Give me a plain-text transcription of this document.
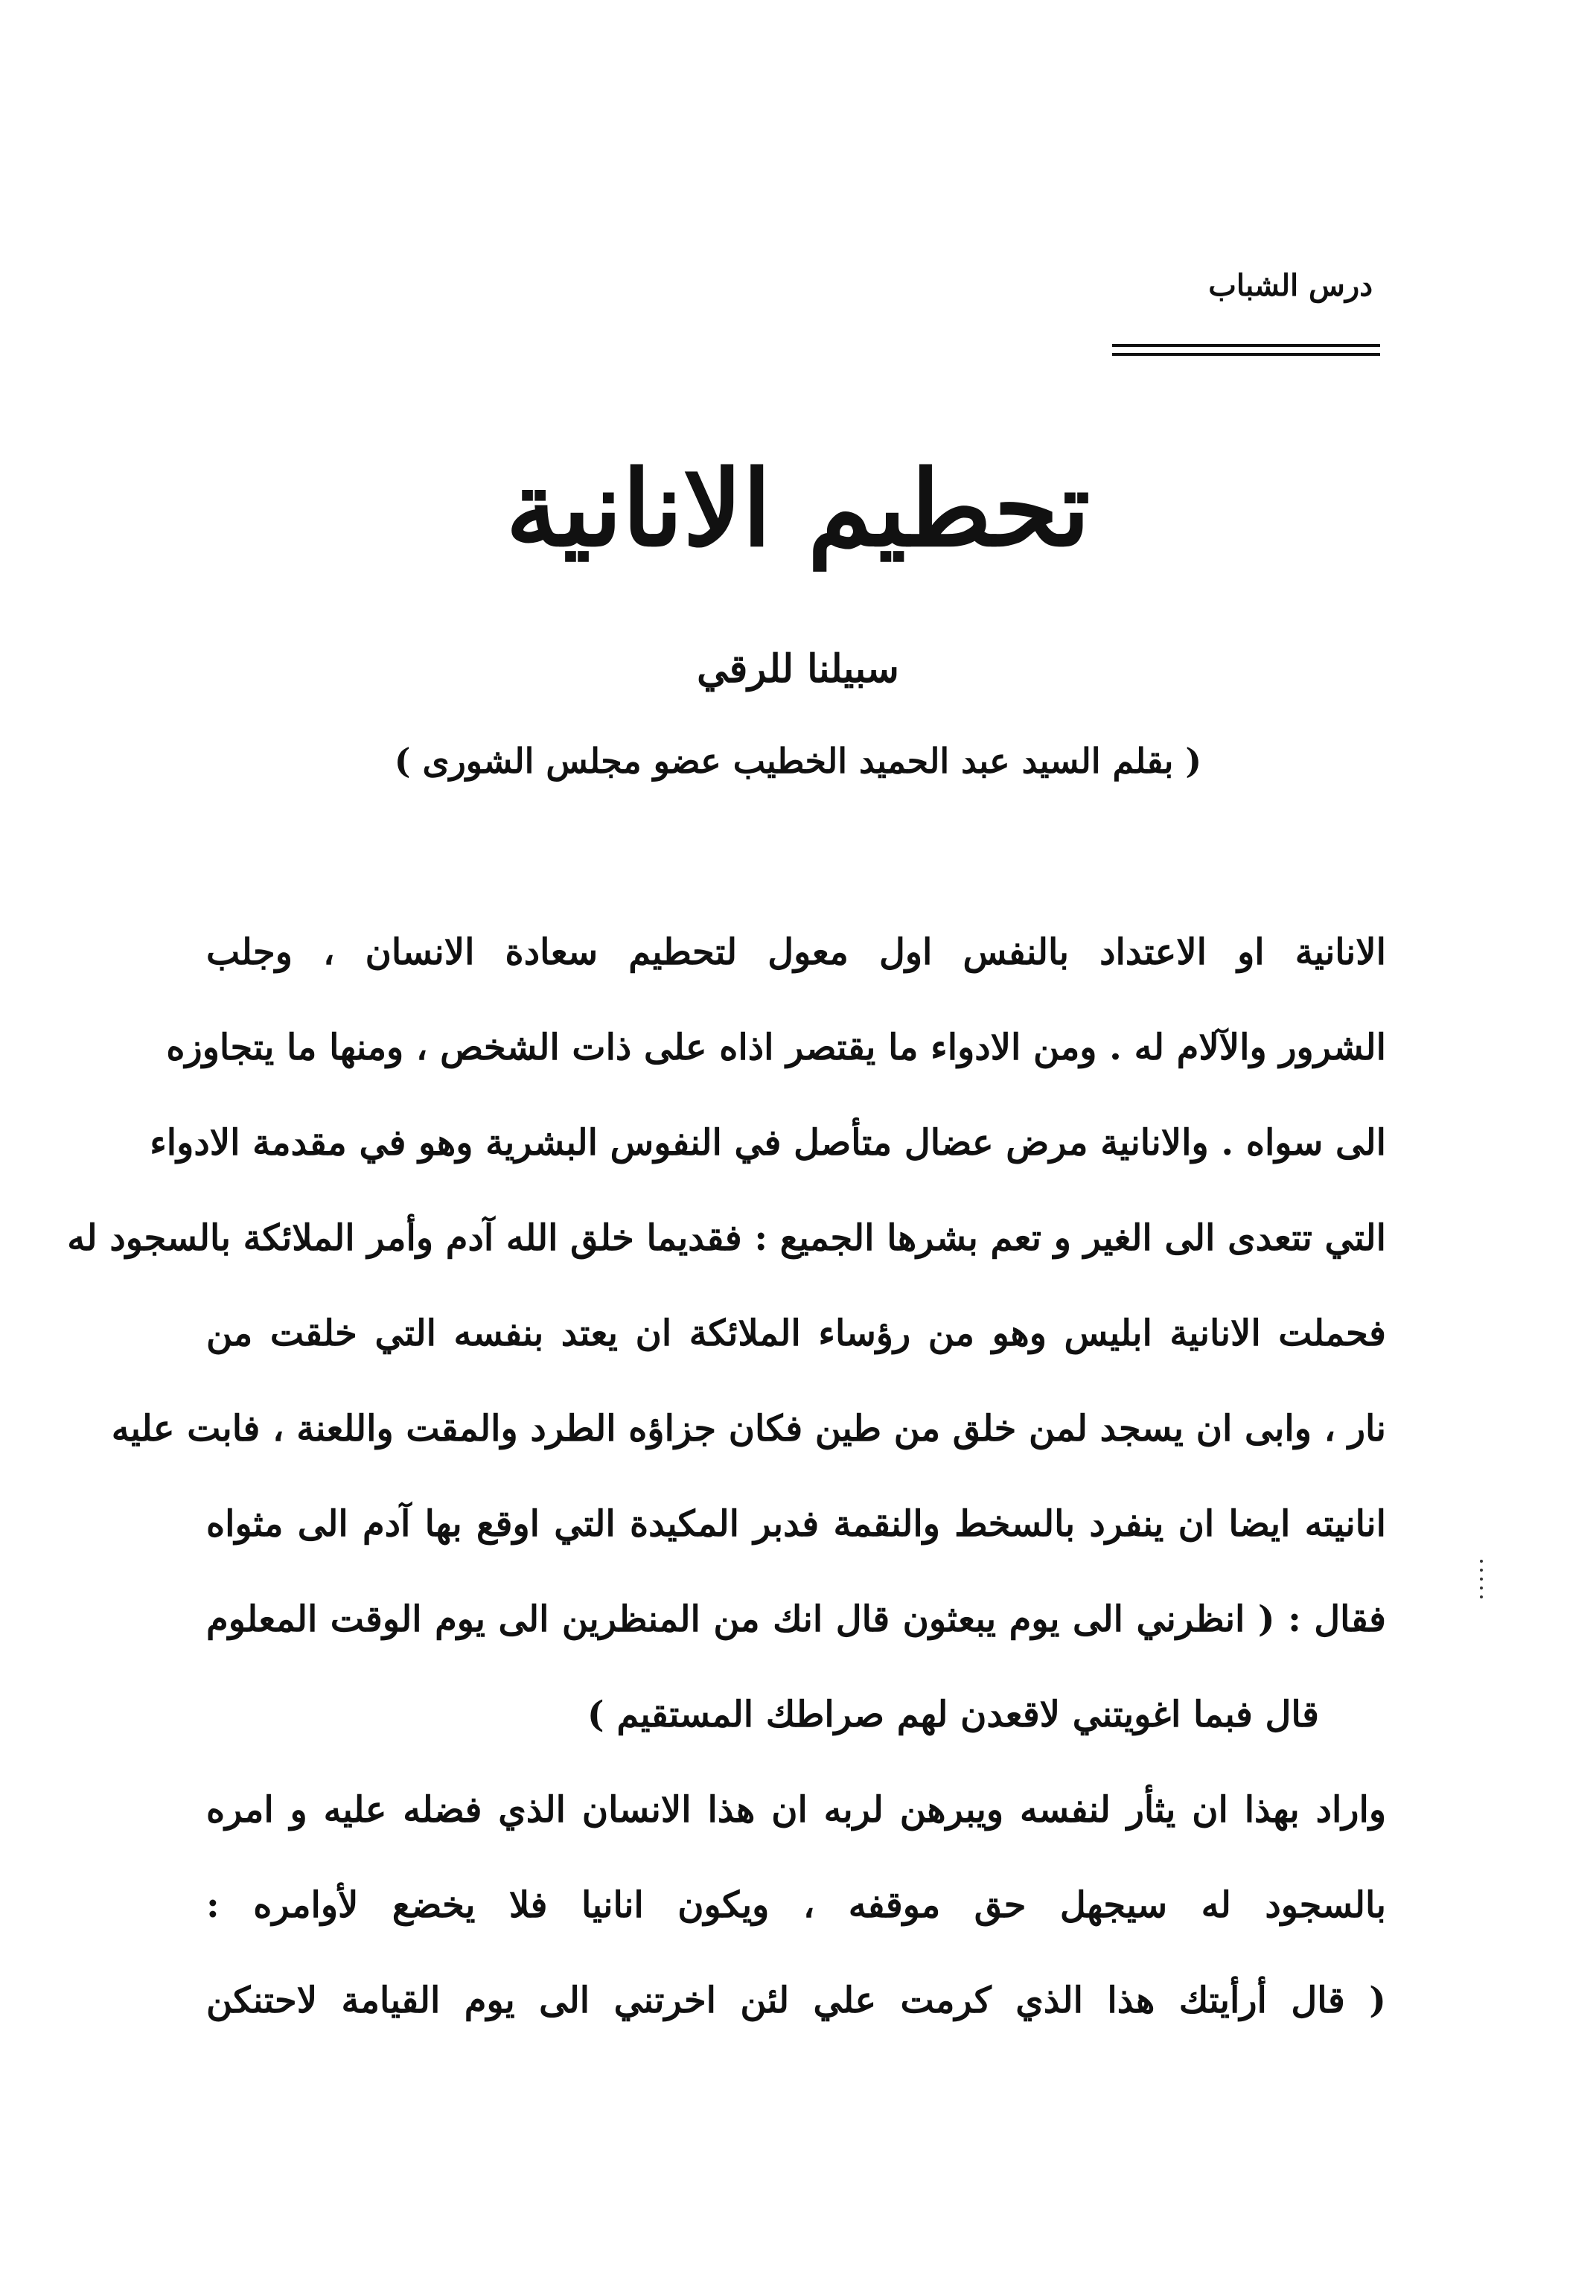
درس الشباب
تحطيم الانانية
سبيلنا للرقي
( بقلم السيد عبد الحميد الخطيب عضو مجلس الشورى )
الانانية او الاعتداد بالنفس اول معول لتحطيم سعادة الانسان ، وجلب
الشرور والآلام له . ومن الادواء ما يقتصر اذاه على ذات الشخص ، ومنها ما يتجاوزه
الى سواه . والانانية مرض عضال متأصل في النفوس البشرية وهو في مقدمة الادواء
التي تتعدى الى الغير و تعم بشرها الجميع : فقديما خلق الله آدم وأمر الملائكة بالسجود له
فحملت الانانية ابليس وهو من رؤساء الملائكة ان يعتد بنفسه التي خلقت من
نار ، وابى ان يسجد لمن خلق من طين فكان جزاؤه الطرد والمقت واللعنة ، فابت عليه
انانيته ايضا ان ينفرد بالسخط والنقمة فدبر المكيدة التي اوقع بها آدم الى مثواه
فقال : ( انظرني الى يوم يبعثون قال انك من المنظرين الى يوم الوقت المعلوم
قال فبما اغويتني لاقعدن لهم صراطك المستقيم )
واراد بهذا ان يثأر لنفسه ويبرهن لربه ان هذا الانسان الذي فضله عليه و امره
بالسجود له سيجهل حق موقفه ، ويكون انانيا فلا يخضع لأوامره :
( قال أرأيتك هذا الذي كرمت علي لئن اخرتني الى يوم القيامة لاحتنكن
